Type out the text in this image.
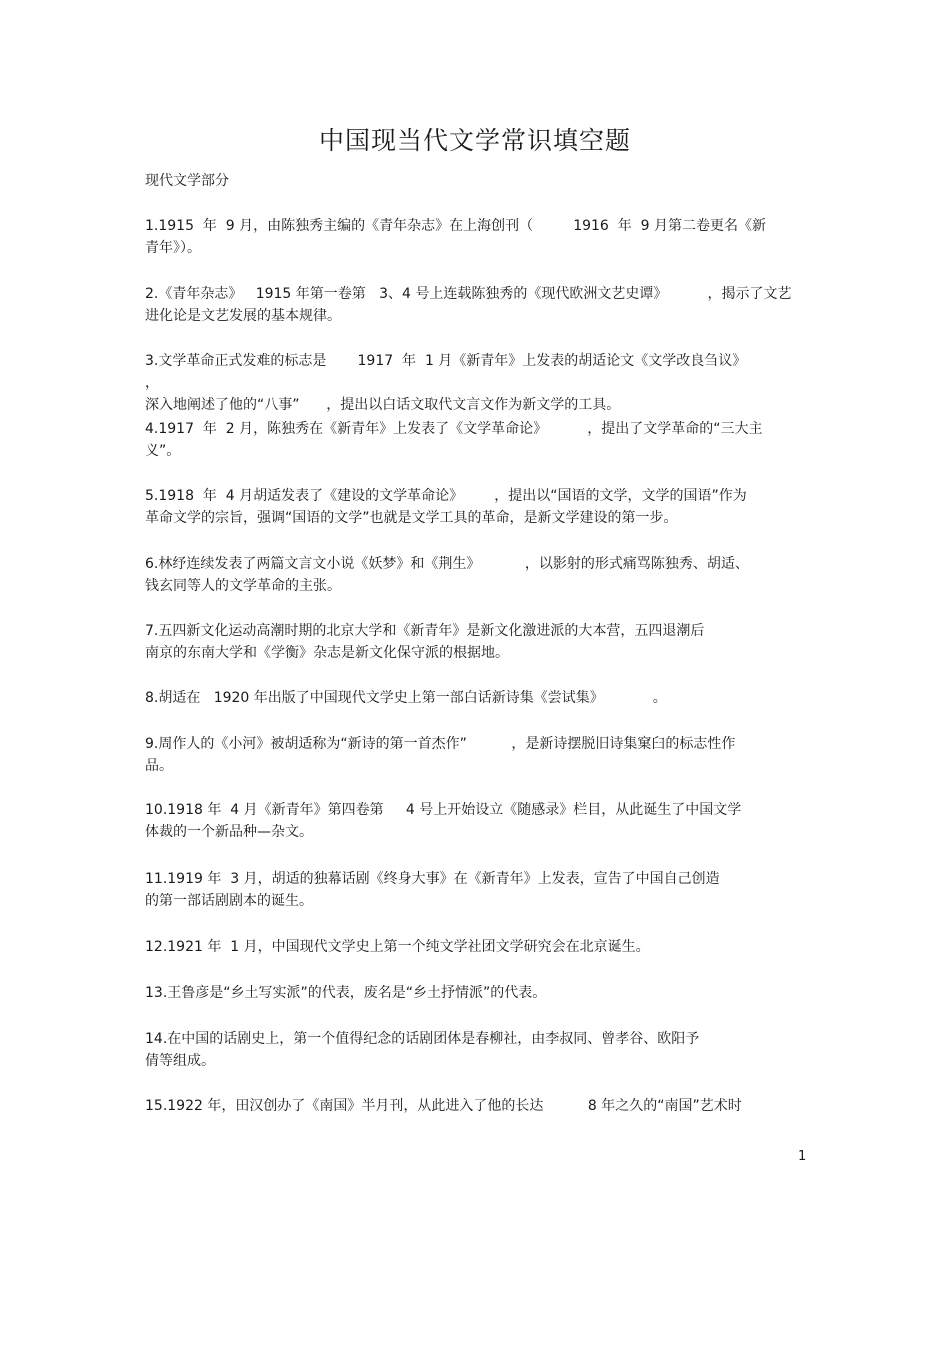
中国现当代文学常识填空题
现代文学部分
1.1915  年  9 月，由陈独秀主编的《青年杂志》在上海创刊（         1916  年  9 月第二卷更名《新
青年》）。
2.《青年杂志》   1915 年第一卷第   3、4 号上连载陈独秀的《现代欧洲文艺史谭》         ，揭示了文艺
进化论是文艺发展的基本规律。
3.文学革命正式发难的标志是       1917  年  1 月《新青年》上发表的胡适论文《文学改良刍议》         ，
深入地阐述了他的“八事”      ，提出以白话文取代文言文作为新文学的工具。
4.1917  年  2 月，陈独秀在《新青年》上发表了《文学革命论》         ，提出了文学革命的“三大主
义”。
5.1918  年  4 月胡适发表了《建设的文学革命论》       ，提出以“国语的文学，文学的国语”作为
革命文学的宗旨，强调“国语的文学”也就是文学工具的革命，是新文学建设的第一步。
6.林纾连续发表了两篇文言文小说《妖梦》和《荆生》          ，以影射的形式痛骂陈独秀、胡适、
钱玄同等人的文学革命的主张。
7.五四新文化运动高潮时期的北京大学和《新青年》是新文化激进派的大本营，五四退潮后
南京的东南大学和《学衡》杂志是新文化保守派的根据地。
8.胡适在   1920 年出版了中国现代文学史上第一部白话新诗集《尝试集》           。
9.周作人的《小河》被胡适称为“新诗的第一首杰作”          ，是新诗摆脱旧诗集窠臼的标志性作
品。
10.1918 年  4 月《新青年》第四卷第     4 号上开始设立《随感录》栏目，从此诞生了中国文学
体裁的一个新品种—杂文。
11.1919 年  3 月，胡适的独幕话剧《终身大事》在《新青年》上发表，宣告了中国自己创造
的第一部话剧剧本的诞生。
12.1921 年  1 月，中国现代文学史上第一个纯文学社团文学研究会在北京诞生。
13.王鲁彦是“乡土写实派”的代表，废名是“乡土抒情派”的代表。
14.在中国的话剧史上，第一个值得纪念的话剧团体是春柳社，由李叔同、曾孝谷、欧阳予
倩等组成。
15.1922 年，田汉创办了《南国》半月刊，从此进入了他的长达          8 年之久的“南国”艺术时
1
